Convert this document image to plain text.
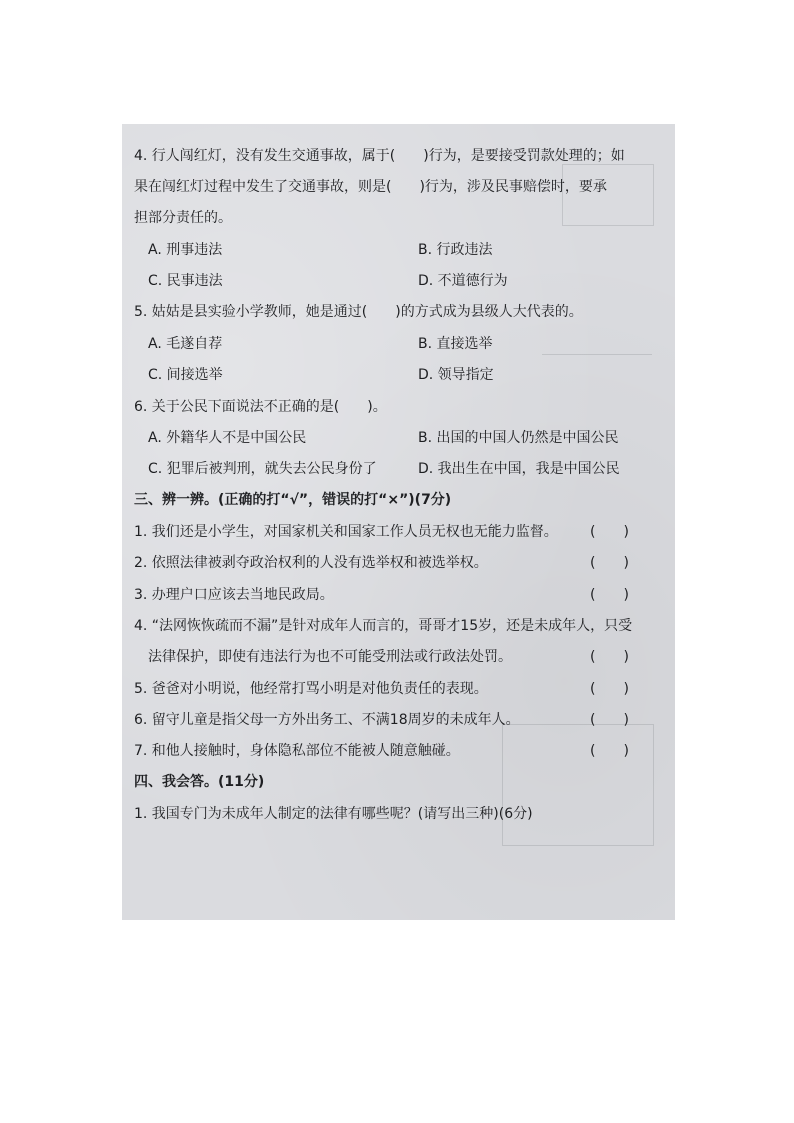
4. 行人闯红灯，没有发生交通事故，属于(　　)行为，是要接受罚款处理的；如
果在闯红灯过程中发生了交通事故，则是(　　)行为，涉及民事赔偿时，要承
担部分责任的。
A. 刑事违法	B. 行政违法
C. 民事违法	D. 不道德行为
5. 姑姑是县实验小学教师，她是通过(　　)的方式成为县级人大代表的。
A. 毛遂自荐	B. 直接选举
C. 间接选举	D. 领导指定
6. 关于公民下面说法不正确的是(　　)。
A. 外籍华人不是中国公民	B. 出国的中国人仍然是中国公民
C. 犯罪后被判刑，就失去公民身份了	D. 我出生在中国，我是中国公民
三、辨一辨。(正确的打“√”，错误的打“×”)(7分)
1. 我们还是小学生，对国家机关和国家工作人员无权也无能力监督。 (　　)
2. 依照法律被剥夺政治权利的人没有选举权和被选举权。	(　　)
3. 办理户口应该去当地民政局。	(　　)
4. “法网恢恢疏而不漏”是针对成年人而言的，哥哥才15岁，还是未成年人，只受
法律保护，即使有违法行为也不可能受刑法或行政法处罚。	(　　)
5. 爸爸对小明说，他经常打骂小明是对他负责任的表现。	(　　)
6. 留守儿童是指父母一方外出务工、不满18周岁的未成年人。	(　　)
7. 和他人接触时，身体隐私部位不能被人随意触碰。	(　　)
四、我会答。(11分)
1. 我国专门为未成年人制定的法律有哪些呢？(请写出三种)(6分)
